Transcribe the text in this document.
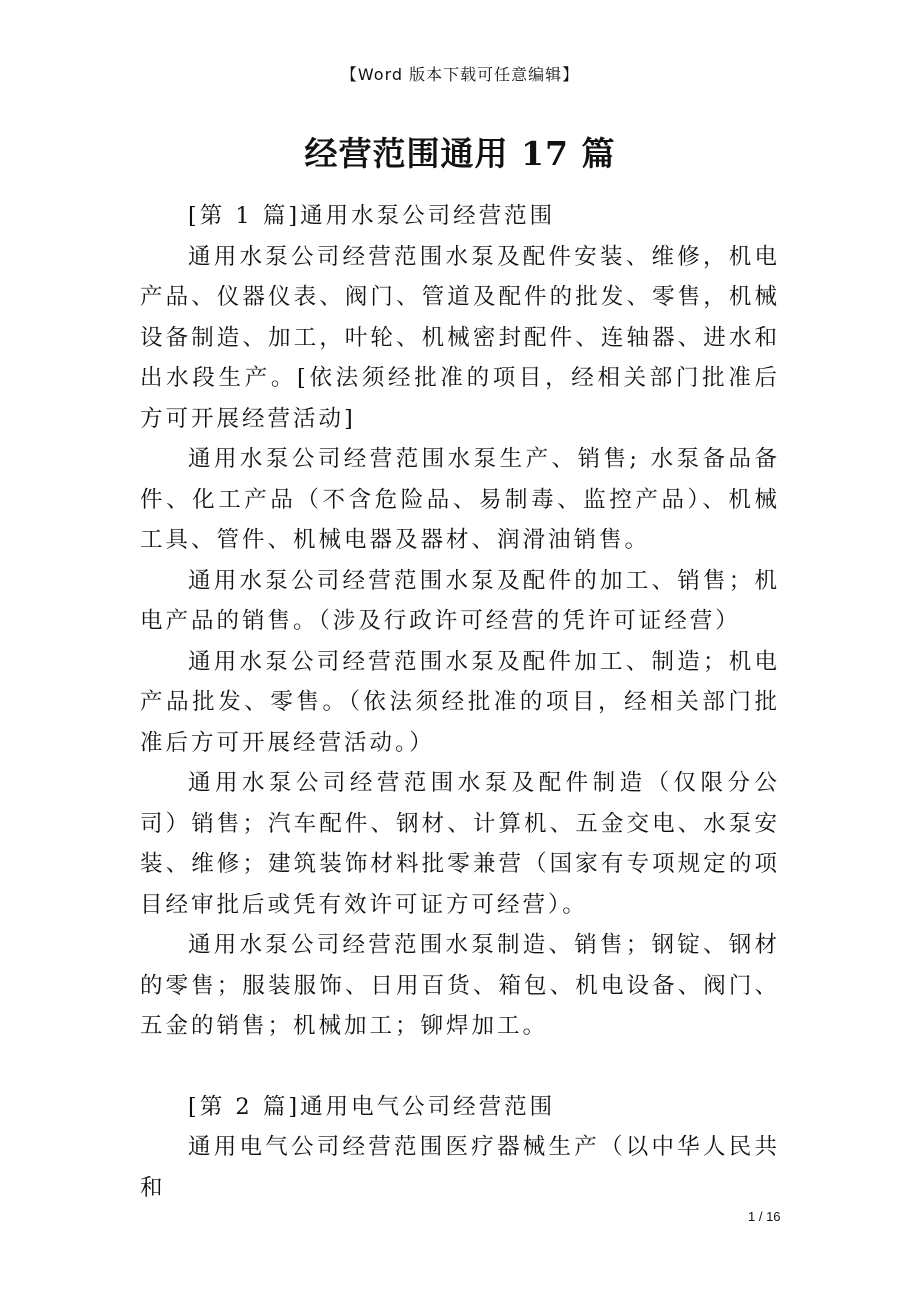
【Word 版本下载可任意编辑】
经营范围通用 17 篇

[第 1 篇]通用水泵公司经营范围

通用水泵公司经营范围水泵及配件安装、维修，机电产品、仪器仪表、阀门、管道及配件的批发、零售，机械设备制造、加工，叶轮、机械密封配件、连轴器、进水和出水段生产。[依法须经批准的项目，经相关部门批准后方可开展经营活动]

通用水泵公司经营范围水泵生产、销售; 水泵备品备件、化工产品（不含危险品、易制毒、监控产品）、机械工具、管件、机械电器及器材、润滑油销售。

通用水泵公司经营范围水泵及配件的加工、销售；机电产品的销售。（涉及行政许可经营的凭许可证经营）

通用水泵公司经营范围水泵及配件加工、制造；机电产品批发、零售。（依法须经批准的项目，经相关部门批准后方可开展经营活动。）

通用水泵公司经营范围水泵及配件制造（仅限分公司）销售；汽车配件、钢材、计算机、五金交电、水泵安装、维修；建筑装饰材料批零兼营（国家有专项规定的项目经审批后或凭有效许可证方可经营）。

通用水泵公司经营范围水泵制造、销售；钢锭、钢材的零售；服装服饰、日用百货、箱包、机电设备、阀门、五金的销售；机械加工；铆焊加工。

[第 2 篇]通用电气公司经营范围

通用电气公司经营范围医疗器械生产（以中华人民共和

1 / 16
